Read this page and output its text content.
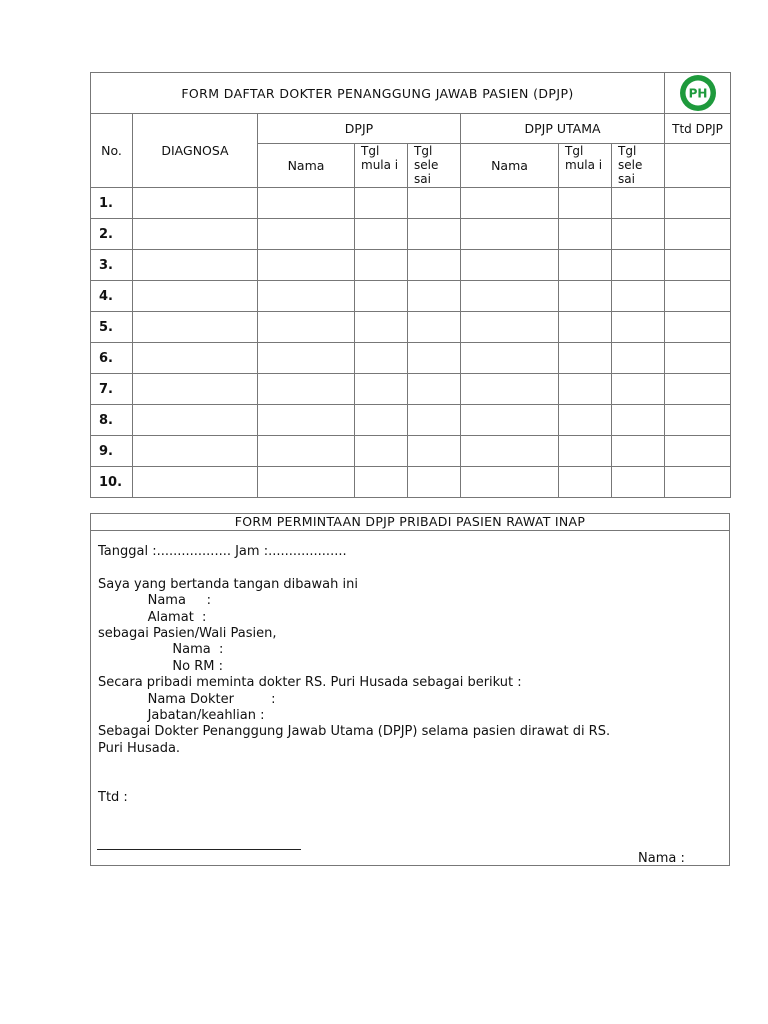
FORM DAFTAR DOKTER PENANGGUNG JAWAB PASIEN (DPJP)								PH

No.	DIAGNOSA	DPJP			DPJP UTAMA			Ttd DPJP
		Nama	Tgl mula i	Tgl sele sai	Nama	Tgl mula i	Tgl sele sai	
1.								
2.								
3.								
4.								
5.								
6.								
7.								
8.								
9.								
10.								
FORM PERMINTAAN DPJP PRIBADI PASIEN RAWAT INAP
Tanggal :.................. Jam :...................
Saya yang bertanda tangan dibawah ini
Nama     :
Alamat  :
sebagai Pasien/Wali Pasien,
Nama  :
No RM :
Secara pribadi meminta dokter RS. Puri Husada sebagai berikut :
Nama Dokter         :
Jabatan/keahlian :
Sebagai Dokter Penanggung Jawab Utama (DPJP) selama pasien dirawat di RS.
Puri Husada.
Ttd :
Nama :
